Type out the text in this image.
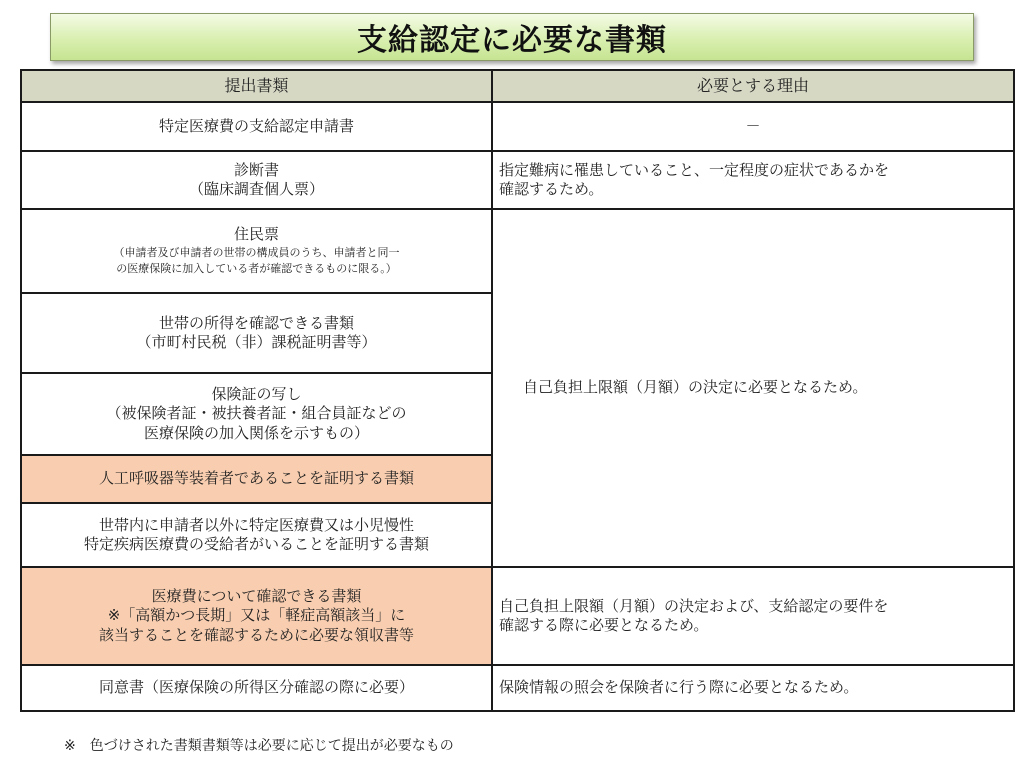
支給認定に必要な書類
提出書類	必要とする理由

特定医療費の支給認定申請書	－

診断書
（臨床調査個人票）	指定難病に罹患していること、一定程度の症状であるかを
確認するため。

住民票
（申請者及び申請者の世帯の構成員のうち、申請者と同一
の医療保険に加入している者が確認できるものに限る。）	自己負担上限額（月額）の決定に必要となるため。

世帯の所得を確認できる書類
（市町村民税（非）課税証明書等）	

保険証の写し
（被保険者証・被扶養者証・組合員証などの
医療保険の加入関係を示すもの）	

人工呼吸器等装着者であることを証明する書類	

世帯内に申請者以外に特定医療費又は小児慢性
特定疾病医療費の受給者がいることを証明する書類	

医療費について確認できる書類
※「高額かつ長期」又は「軽症高額該当」に
該当することを確認するために必要な領収書等	自己負担上限額（月額）の決定および、支給認定の要件を
確認する際に必要となるため。

同意書（医療保険の所得区分確認の際に必要）	保険情報の照会を保険者に行う際に必要となるため。
※　色づけされた書類書類等は必要に応じて提出が必要なもの
